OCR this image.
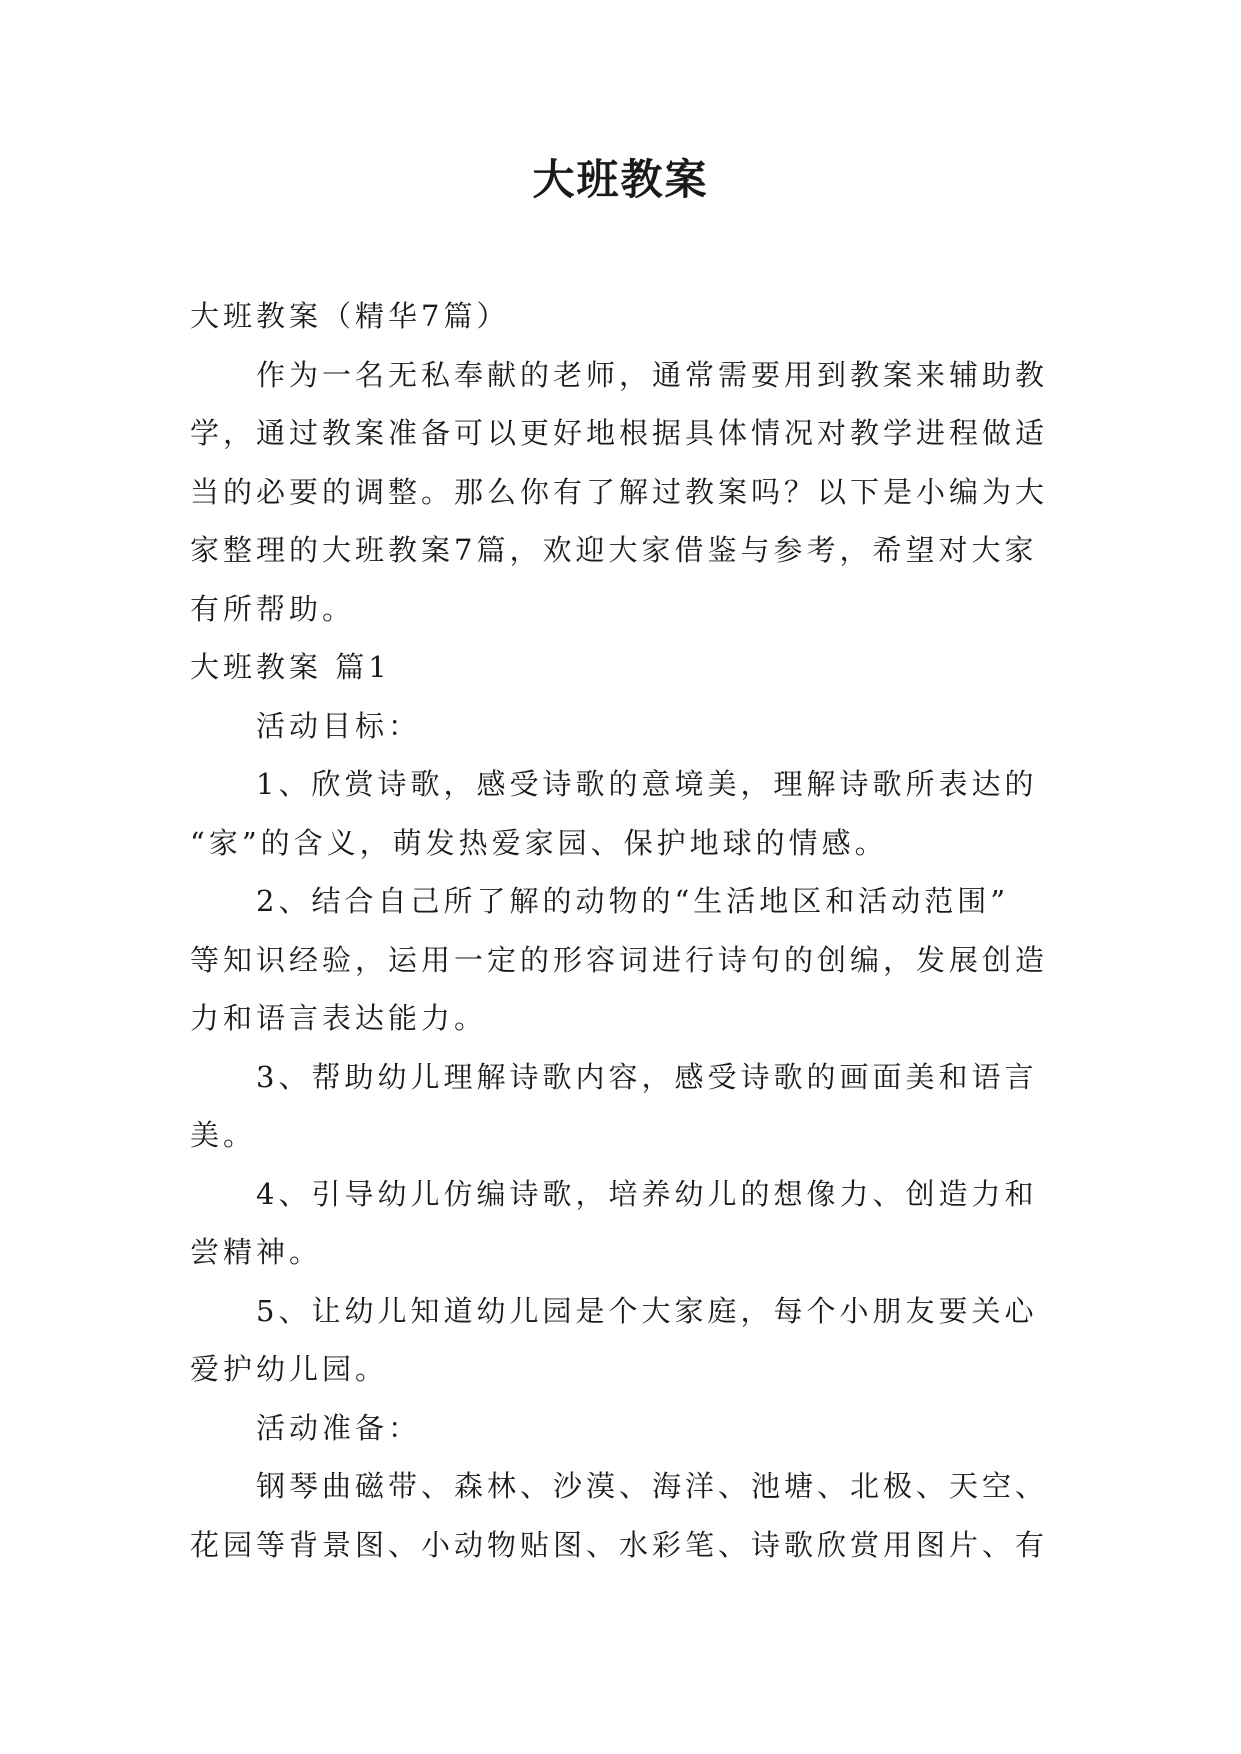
大班教案
大班教案（精华7篇）
作为一名无私奉献的老师，通常需要用到教案来辅助教
学，通过教案准备可以更好地根据具体情况对教学进程做适
当的必要的调整。那么你有了解过教案吗？以下是小编为大
家整理的大班教案7篇，欢迎大家借鉴与参考，希望对大家
有所帮助。
大班教案 篇1
活动目标：
1、欣赏诗歌，感受诗歌的意境美，理解诗歌所表达的
“家”的含义，萌发热爱家园、保护地球的情感。
2、结合自己所了解的动物的“生活地区和活动范围”
等知识经验，运用一定的形容词进行诗句的创编，发展创造
力和语言表达能力。
3、帮助幼儿理解诗歌内容，感受诗歌的画面美和语言
美。
4、引导幼儿仿编诗歌，培养幼儿的想像力、创造力和
尝精神。
5、让幼儿知道幼儿园是个大家庭，每个小朋友要关心
爱护幼儿园。
活动准备：
钢琴曲磁带、森林、沙漠、海洋、池塘、北极、天空、
花园等背景图、小动物贴图、水彩笔、诗歌欣赏用图片、有
